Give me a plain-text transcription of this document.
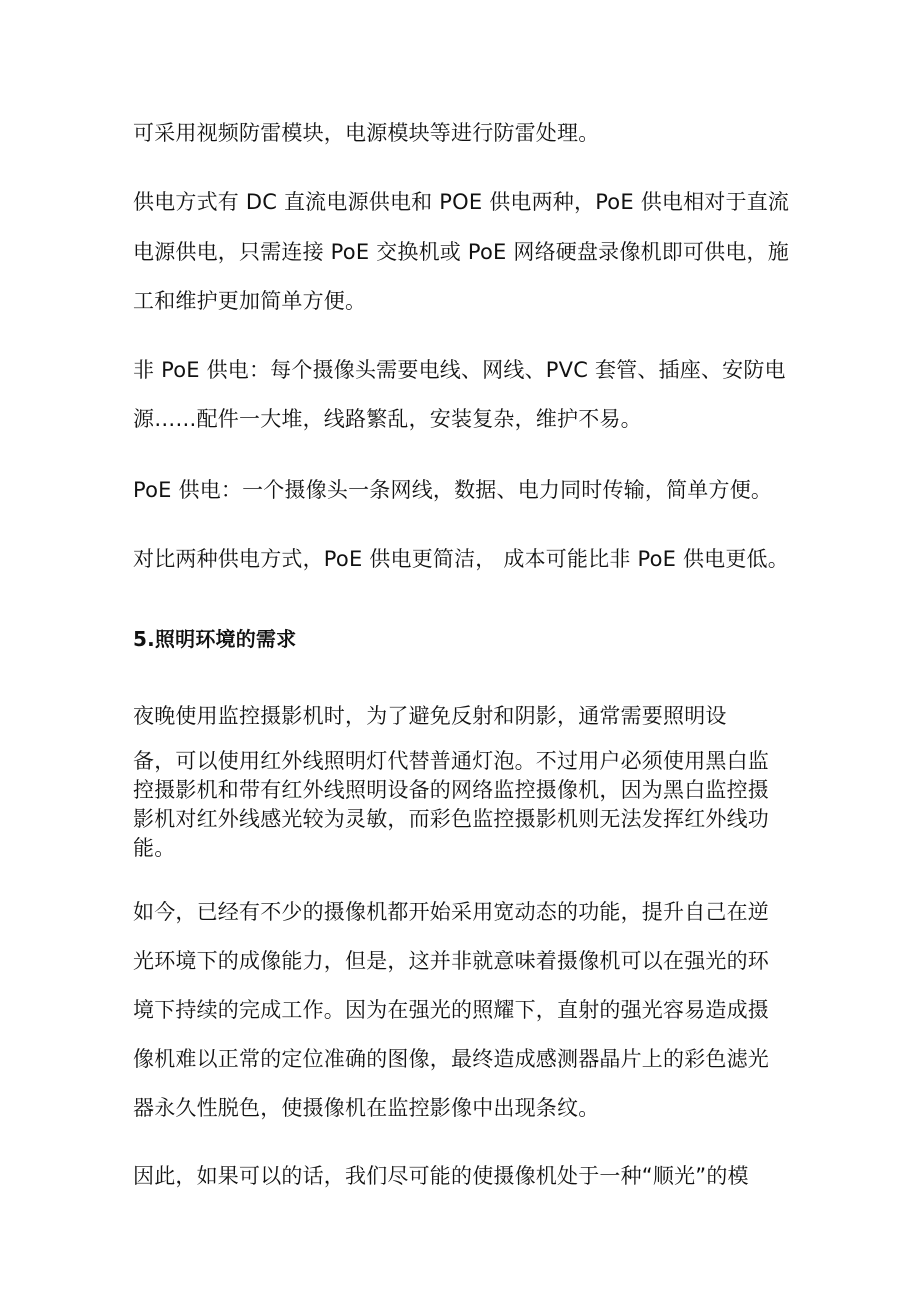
可采用视频防雷模块，电源模块等进行防雷处理。
供电方式有 DC 直流电源供电和 POE 供电两种，PoE 供电相对于直流
电源供电，只需连接 PoE 交换机或 PoE 网络硬盘录像机即可供电，施
工和维护更加简单方便。
非 PoE 供电：每个摄像头需要电线、网线、PVC 套管、插座、安防电
源……配件一大堆，线路繁乱，安装复杂，维护不易。
PoE 供电：一个摄像头一条网线，数据、电力同时传输，简单方便。
对比两种供电方式，PoE 供电更简洁， 成本可能比非 PoE 供电更低。
5.照明环境的需求
夜晚使用监控摄影机时，为了避免反射和阴影，通常需要照明设
备，可以使用红外线照明灯代替普通灯泡。不过用户必须使用黑白监
控摄影机和带有红外线照明设备的网络监控摄像机，因为黑白监控摄
影机对红外线感光较为灵敏，而彩色监控摄影机则无法发挥红外线功
能。
如今，已经有不少的摄像机都开始采用宽动态的功能，提升自己在逆
光环境下的成像能力，但是，这并非就意味着摄像机可以在强光的环
境下持续的完成工作。因为在强光的照耀下，直射的强光容易造成摄
像机难以正常的定位准确的图像，最终造成感测器晶片上的彩色滤光
器永久性脱色，使摄像机在监控影像中出现条纹。
因此，如果可以的话，我们尽可能的使摄像机处于一种“顺光”的模
